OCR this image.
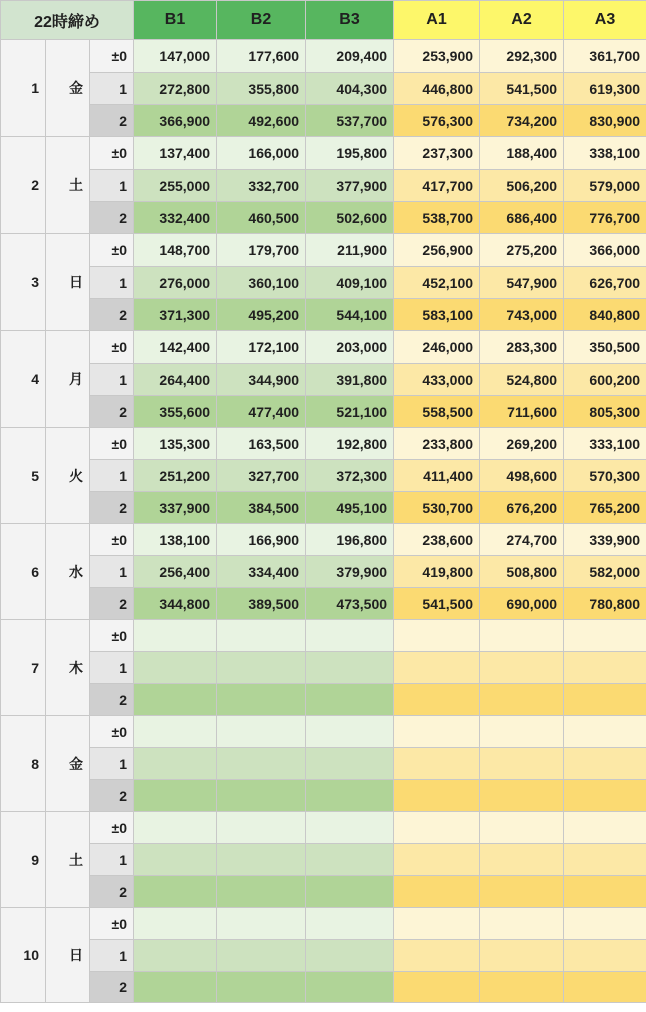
22時締め			B1	B2	B3	A1	A2	A3
1	金	±0	147,000	177,600	209,400	253,900	292,300	361,700
		1	272,800	355,800	404,300	446,800	541,500	619,300
		2	366,900	492,600	537,700	576,300	734,200	830,900
2	土	±0	137,400	166,000	195,800	237,300	188,400	338,100
		1	255,000	332,700	377,900	417,700	506,200	579,000
		2	332,400	460,500	502,600	538,700	686,400	776,700
3	日	±0	148,700	179,700	211,900	256,900	275,200	366,000
		1	276,000	360,100	409,100	452,100	547,900	626,700
		2	371,300	495,200	544,100	583,100	743,000	840,800
4	月	±0	142,400	172,100	203,000	246,000	283,300	350,500
		1	264,400	344,900	391,800	433,000	524,800	600,200
		2	355,600	477,400	521,100	558,500	711,600	805,300
5	火	±0	135,300	163,500	192,800	233,800	269,200	333,100
		1	251,200	327,700	372,300	411,400	498,600	570,300
		2	337,900	384,500	495,100	530,700	676,200	765,200
6	水	±0	138,100	166,900	196,800	238,600	274,700	339,900
		1	256,400	334,400	379,900	419,800	508,800	582,000
		2	344,800	389,500	473,500	541,500	690,000	780,800
7	木	±0						
		1						
		2						
8	金	±0						
		1						
		2						
9	土	±0						
		1						
		2						
10	日	±0						
		1						
		2						
